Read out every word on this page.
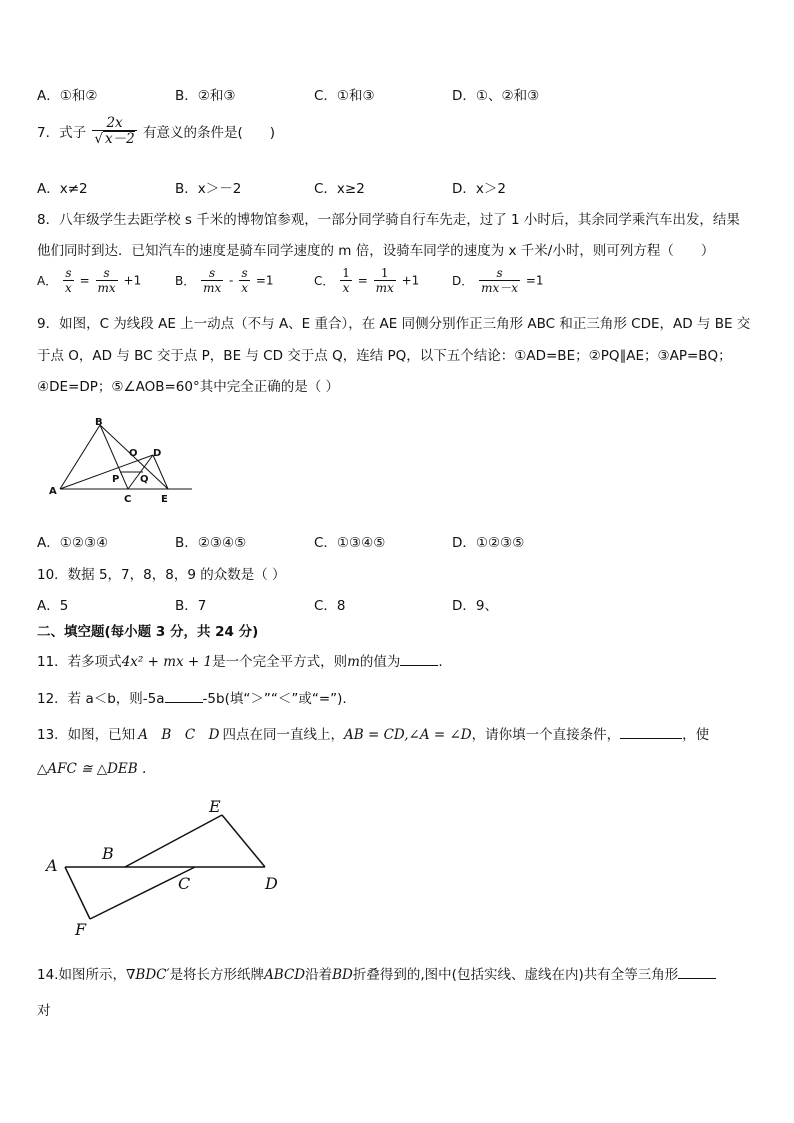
A．①和②	B．②和③	C．①和③	D．①、②和③
7．式子 $\frac{2x}{√ x-2}$ 有意义的条件是(　　)
A．x≠2	B．x＞－2	C．x≥2	D．x＞2
8．八年级学生去距学校 s 千米的博物馆参观，一部分同学骑自行车先走，过了 1 小时后，其余同学乘汽车出发，结果
他们同时到达．已知汽车的速度是骑车同学速度的 m 倍，设骑车同学的速度为 x 千米/小时，则可列方程（　　）
A． $\frac{s}{x} = \frac{s}{mx} +1$	B． $\frac{s}{mx} - \frac{s}{x} =1$	C． $\frac{1}{x} = \frac{1}{mx} +1$	D． $\frac{s}{mx-x} =1$
9．如图，C 为线段 AE 上一动点（不与 A、E 重合），在 AE 同侧分别作正三角形 ABC 和正三角形 CDE，AD 与 BE 交
于点 O，AD 与 BC 交于点 P，BE 与 CD 交于点 Q，连结 PQ，以下五个结论：①AD=BE；②PQ∥AE；③AP=BQ；
④DE=DP；⑤∠AOB=60°其中完全正确的是（ ）
B
O D
P Q
A
C	E
A．①②③④	B．②③④⑤	C．①③④⑤	D．①②③⑤
10．数据 5，7，8，8，9 的众数是（ ）
A．5	B．7	C．8	D．9、
二、填空题(每小题 3 分，共 24 分)
11．若多项式4x² + mx + 1是一个完全平方式，则m的值为	.
12．若 a＜b，则-5a	-5b(填“＞”“＜”或“=”).
13．如图，已知 A　B　C　D 四点在同一直线上，AB = CD,∠A = ∠D，请你填一个直接条件，	，使
△AFC ≅ △DEB .
E
B
A
C	D
F
14.如图所示，∇BDC′是将长方形纸牌ABCD沿着BD折叠得到的,图中(包括实线、虚线在内)共有全等三角形
对
